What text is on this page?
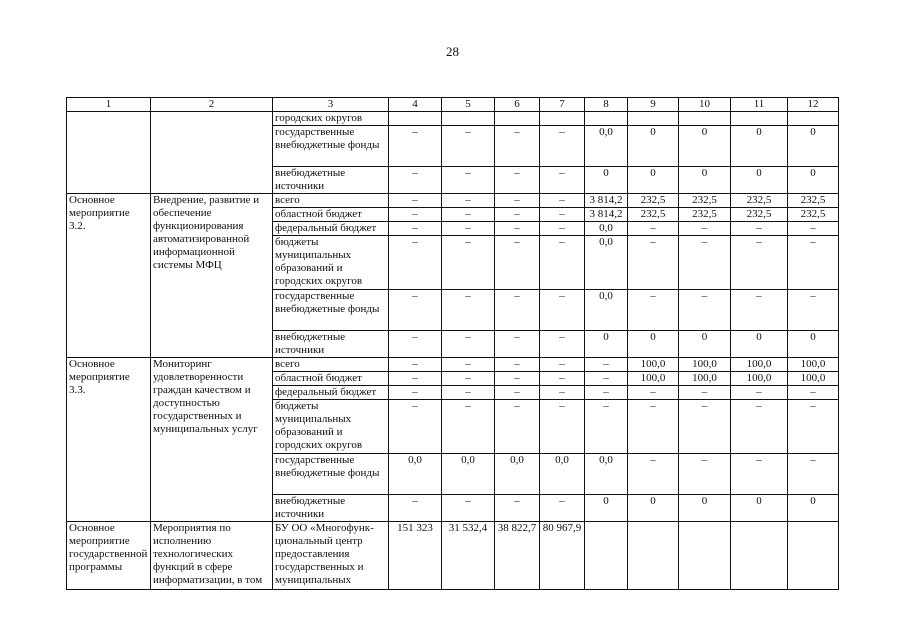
28
1	2	3	4	5	6	7	8	9	10	11	12
		городских округов									
		государственные внебюджетные фонды	–	–	–	–	0,0	0	0	0	0
		внебюджетные источники	–	–	–	–	0	0	0	0	0
Основное мероприятие 3.2.	Внедрение, развитие и обеспечение функционирования автоматизированной информационной системы МФЦ	всего	–	–	–	–	3 814,2	232,5	232,5	232,5	232,5
		областной бюджет	–	–	–	–	3 814,2	232,5	232,5	232,5	232,5
		федеральный бюджет	–	–	–	–	0,0	–	–	–	–
		бюджеты муниципальных образований и городских округов	–	–	–	–	0,0	–	–	–	–
		государственные внебюджетные фонды	–	–	–	–	0,0	–	–	–	–
		внебюджетные источники	–	–	–	–	0	0	0	0	0
Основное мероприятие 3.3.	Мониторинг удовлетворенности граждан качеством и доступностью государственных и муниципальных услуг	всего	–	–	–	–	–	100,0	100,0	100,0	100,0
		областной бюджет	–	–	–	–	–	100,0	100,0	100,0	100,0
		федеральный бюджет	–	–	–	–	–	–	–	–	–
		бюджеты муниципальных образований и городских округов	–	–	–	–	–	–	–	–	–
		государственные внебюджетные фонды	0,0	0,0	0,0	0,0	0,0	–	–	–	–
		внебюджетные источники	–	–	–	–	0	0	0	0	0
Основное мероприятие государственной программы	Мероприятия по исполнению технологических функций в сфере информатизации, в том	БУ ОО «Многофунк-циональный центр предоставления государственных и муниципальных	151 323	31 532,4	38 822,7	80 967,9					
